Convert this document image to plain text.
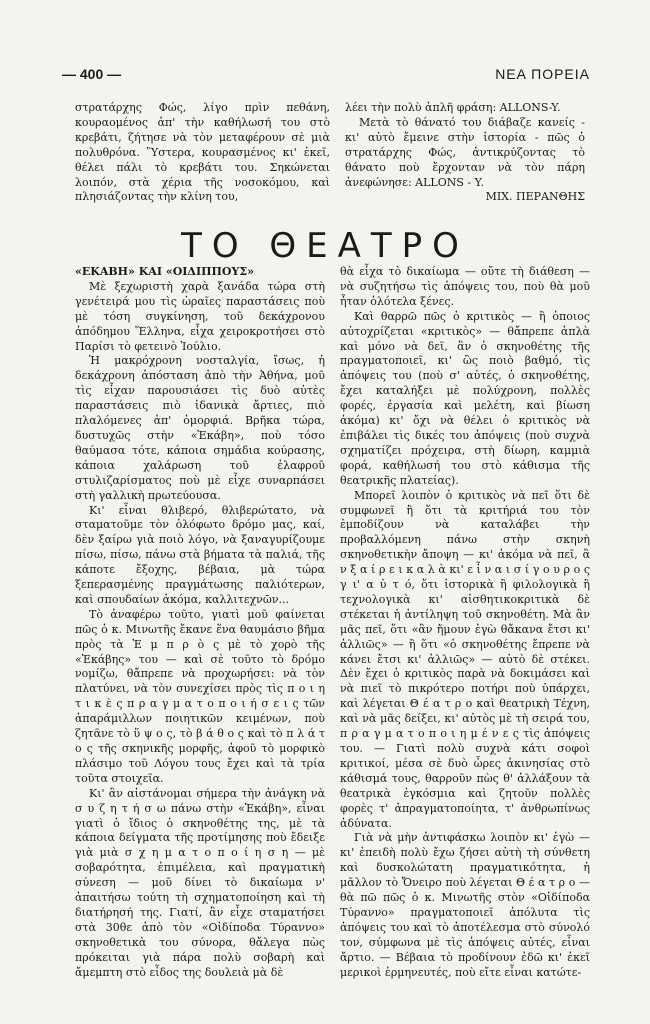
— 400 —	ΝΕΑ ΠΟΡΕΙΑ

στρατάρχης Φώς, λίγο πρὶν πεθάνη, κουραομένος ἀπ' τὴν καθήλωσή του στὸ κρεβάτι, ζήτησε νὰ τὸν μεταφέρουν σὲ μιὰ πολυθρόνα. Ὕστερα, κουρασμένος κι' ἐκεῖ, θέλει πάλι τὸ κρεβάτι του. Σηκώνεται λοιπόν, στὰ χέρια τῆς νοσοκόμου, καὶ πλησιάζοντας τὴν κλίνη του,

λέει τὴν πολὺ ἁπλῆ φράση: ALLONS-Y.

Μετὰ τὸ θάνατό του διάβαζε κανείς - κι' αὐτὸ ἔμεινε στὴν ἱστορία - πῶς ὁ στρατάρχης Φώς, ἀντικρύζοντας τὸ θάνατο ποὺ ἔρχονταν νὰ τὸν πάρη ἀνεφώνησε: ALLONS - Y.

ΜΙΧ. ΠΕΡΑΝΘΗΣ

ΤΟ ΘΕΑΤΡΟ

«ΕΚΑΒΗ» ΚΑΙ «ΟΙΔΙΠΠΟΥΣ»

Μὲ ξεχωριστὴ χαρὰ ξανάδα τώρα στὴ γενέτειρά μου τὶς ὡραῖες παραστάσεις ποὺ μὲ τόση συγκίνηση, τοῦ δεκάχρονου ἀπόδημου Ἕλληνα, εἶχα χειροκροτήσει στὸ Παρίσι τὸ φετεινὸ Ἰούλιο.

Ἡ μακρόχρονη νοσταλγία, ἴσως, ἡ δεκάχρονη ἀπόσταση ἀπὸ τὴν Ἀθήνα, μοῦ τὶς εἶχαν παρουσιάσει τὶς δυὸ αὐτὲς παραστάσεις πιὸ ἰδανικὰ ἄρτιες, πιὸ πλαλόμενες ἀπ' ὁμορφιά. Βρῆκα τώρα, δυστυχῶς στὴν «Ἑκάβη», ποὺ τόσο θαύμασα τότε, κάποια σημάδια κούρασης, κάποια χαλάρωση τοῦ ἐλαφροῦ στυλιζαρίσματος ποὺ μὲ εἶχε συναρπάσει στὴ γαλλικὴ πρωτεύουσα.

Κι' εἶναι θλιβερό, θλιβερώτατο, νὰ σταματοῦμε τὸν ὁλόφωτο δρόμο μας, καί, δὲν ξαίρω γιὰ ποιὸ λόγο, νὰ ξαναγυρίζουμε πίσω, πίσω, πάνω στὰ βήματα τὰ παλιά, τῆς κάποτε ἔξοχης, βέβαια, μὰ τώρα ξεπερασμένης πραγμάτωσης παλιότερων, καὶ σπουδαίων ἀκόμα, καλλιτεχνῶν...

Τὸ ἀναφέρω τοῦτο, γιατὶ μοῦ φαίνεται πῶς ὁ κ. Μινωτῆς ἔκανε ἕνα θαυμάσιο βῆμα πρὸς τὰ Ἐ μ π ρ ὸ ς μὲ τὸ χορὸ τῆς «Ἑκάβης» του — καὶ σὲ τοῦτο τὸ δρόμο νομίζω, θἄπρεπε νὰ προχωρήσει: νὰ τὸν πλατύνει, νὰ τὸν συνεχίσει πρὸς τὶς π ο ι η τ ι κ ὲ ς π ρ α γ μ α τ ο π ο ι ή σ ε ι ς τῶν ἀπαράμιλλων ποιητικῶν κειμένων, ποὺ ζητᾶνε τὸ ὕ ψ ο ς, τὸ β ά θ ο ς καὶ τὸ π λ ά τ ο ς τῆς σκηνικῆς μορφῆς, ἀφοῦ τὸ μορφικὸ πλάσιμο τοῦ Λόγου τους ἔχει καὶ τὰ τρία τοῦτα στοιχεῖα.

Κι' ἂν αἰστάνομαι σήμερα τὴν ἀνάγκη νὰ σ υ ζ η τ ή σ ω πάνω στὴν «Ἑκάβη», εἶναι γιατὶ ὁ ἴδιος ὁ σκηνοθέτης της, μὲ τὰ κάποια δείγματα τῆς προτίμησης ποὺ ἔδειξε γιὰ μιὰ σ χ η μ α τ ο π ο ί η σ η — μὲ σοβαρότητα, ἐπιμέλεια, καὶ πραγματικὴ σύνεση — μοῦ δίνει τὸ δικαίωμα ν' ἀπαιτήσω τούτη τὴ σχηματοποίηση καὶ τὴ διατήρησή της. Γιατί, ἂν εἶχε σταματήσει στὰ 30θε ἀπὸ τὸν «Οἰδίποδα Τύραννο» σκηνοθετικὰ του σύνορα, θἄλεγα πὼς πρόκειται γιὰ πάρα πολὺ σοβαρὴ καὶ ἄμεμπτη στὸ εἶδος της δουλειὰ μὰ δὲ

θὰ εἶχα τὸ δικαίωμα — οὔτε τὴ διάθεση — νὰ συζητήσω τὶς ἀπόψεις του, ποὺ θὰ μοῦ ἦταν ὁλότελα ξένες.

Καὶ θαρρῶ πῶς ὁ κριτικὸς — ἢ ὁποιος αὐτοχρίζεται «κριτικὸς» — θἄπρεπε ἁπλὰ καὶ μόνο νὰ δεῖ, ἂν ὁ σκηνοθέτης τῆς πραγματοποιεῖ, κι' ὢς ποιὸ βαθμό, τὶς ἀπόψεις του (ποὺ σ' αὐτές, ὁ σκηνοθέτης, ἔχει καταλήξει μὲ πολύχρονη, πολλὲς φορές, ἐργασία καὶ μελέτη, καὶ βίωση ἀκόμα) κι' ὄχι νὰ θέλει ὁ κριτικὸς νὰ ἐπιβάλει τὶς δικές του ἀπόψεις (ποὺ συχνὰ σχηματίζει πρόχειρα, στὴ δίωρη, καμμιὰ φορά, καθήλωσή του στὸ κάθισμα τῆς θεατρικῆς πλατείας).

Μπορεῖ λοιπὸν ὁ κριτικὸς νὰ πεῖ ὅτι δὲ συμφωνεῖ ἢ ὅτι τὰ κριτήριά του τὸν ἐμποδίζουν νὰ καταλάβει τὴν προβαλλόμενη πάνω στὴν σκηνὴ σκηνοθετικὴν ἄποψη — κι' ἀκόμα νὰ πεῖ, ἂ ν ξ α ί ρ ε ι κ α λ ὰ κι' ε ἶ ν α ι σ ί γ ο υ ρ ο ς γ ι' α ὐ τ ό, ὅτι ἱστορικὰ ἢ φιλολογικὰ ἢ τεχνολογικὰ κι' αἰσθητικοκριτικὰ δὲ στέκεται ἡ ἀντίληψη τοῦ σκηνοθέτη. Μὰ ἂν μᾶς πεῖ, ὅτι «ἂν ἤμουν ἐγὼ θἄκανα ἔτσι κι' ἀλλιῶς» — ἢ ὅτι «ὁ σκηνοθέτης ἔπρεπε νὰ κάνει ἔτσι κι' ἀλλιῶς» — αὐτὸ δὲ στέκει. Δὲν ἔχει ὁ κριτικὸς παρὰ νὰ δοκιμάσει καὶ νὰ πιεῖ τὸ πικρότερο ποτήρι ποὺ ὑπάρχει, καὶ λέγεται Θ έ α τ ρ ο καὶ θεατρικὴ Τέχνη, καὶ νὰ μᾶς δείξει, κι' αὐτὸς μὲ τὴ σειρά του, π ρ α γ μ α τ ο π ο ι η μ έ ν ε ς τὶς ἀπόψεις του. — Γιατὶ πολὺ συχνὰ κάτι σοφοὶ κριτικοί, μέσα σὲ δυὸ ὧρες ἀκινησίας στὸ κάθισμά τους, θαρροῦν πὼς θ' ἀλλάξουν τὰ θεατρικὰ ἐγκόσμια καὶ ζητοῦν πολλὲς φορὲς τ' ἀπραγματοποίητα, τ' ἀνθρωπίνως ἀδύνατα.

Γιὰ νὰ μὴν ἀντιφάσκω λοιπὸν κι' ἐγὼ — κι' ἐπειδὴ πολὺ ἔχω ζήσει αὐτὴ τὴ σύνθετη καὶ δυσκολώτατη πραγματικότητα, ἡ μᾶλλον τὸ Ὄνειρο ποὺ λέγεται Θ έ α τ ρ ο — θὰ πῶ πῶς ὁ κ. Μινωτῆς στὸν «Οἰδίποδα Τύραννο» πραγματοποιεῖ ἀπόλυτα τὶς ἀπόψεις του καὶ τὸ ἀποτέλεσμα στὸ σύνολό τον, σύμφωνα μὲ τὶς ἀπόψεις αὐτές, εἶναι ἄρτιο. — Βέβαια τὸ προδίνουν ἐδῶ κι' ἐκεῖ μερικοὶ ἑρμηνευτές, ποὺ εἴτε εἶναι κατώτε-
